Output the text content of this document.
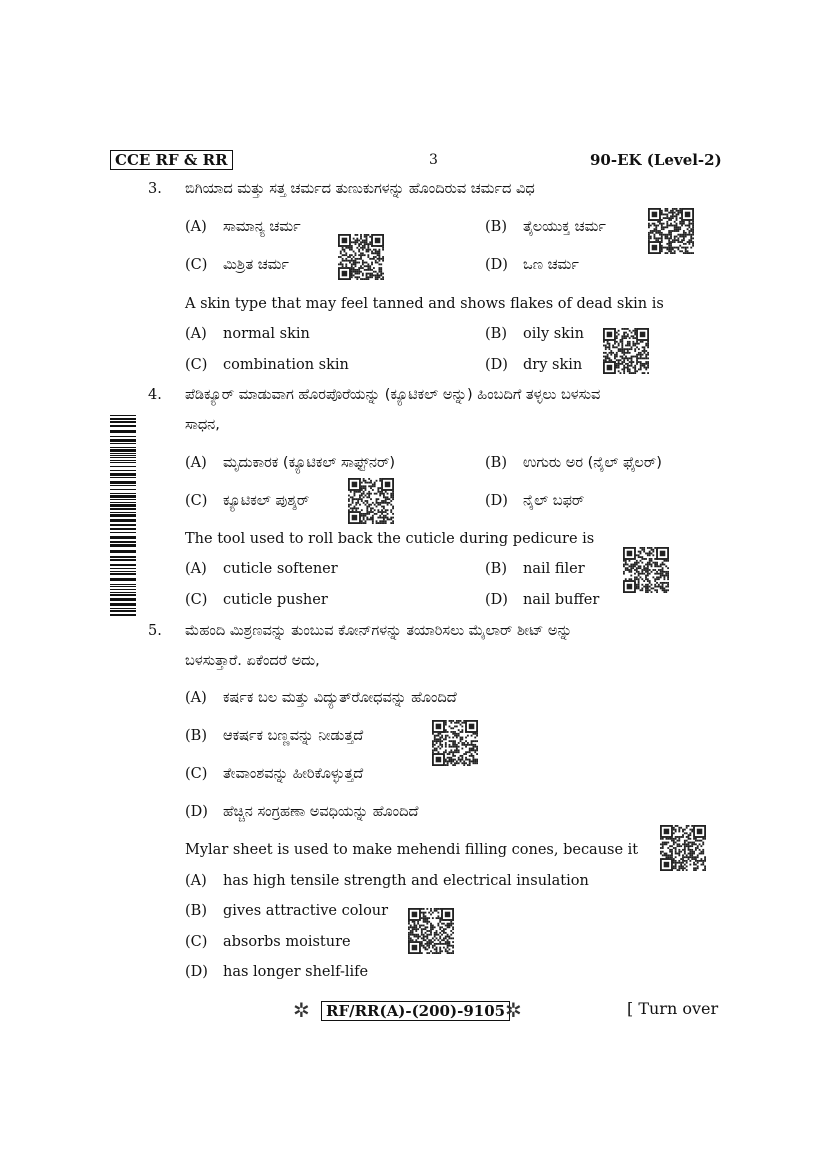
CCE RF & RR	3	90-EK (Level-2)
3. ಬಿಗಿಯಾದ ಮತ್ತು ಸತ್ತ ಚರ್ಮದ ತುಣುಕುಗಳನ್ನು ಹೊಂದಿರುವ ಚರ್ಮದ ವಿಧ
(A) ಸಾಮಾನ್ಯ ಚರ್ಮ	(B) ತೈಲಯುಕ್ತ ಚರ್ಮ
(C) ಮಿಶ್ರಿತ ಚರ್ಮ	(D) ಒಣ ಚರ್ಮ
A skin type that may feel tanned and shows flakes of dead skin is
(A) normal skin	(B) oily skin
(C) combination skin	(D) dry skin
4. ಪೆಡಿಕ್ಯೂರ್ ಮಾಡುವಾಗ ಹೊರಪೊರೆಯನ್ನು (ಕ್ಯೂಟಿಕಲ್ ಅನ್ನು) ಹಿಂಬದಿಗೆ ತಳ್ಳಲು ಬಳಸುವ
ಸಾಧನ,
(A) ಮೃದುಕಾರಕ (ಕ್ಯೂಟಿಕಲ್ ಸಾಫ್ಟ್‌ನರ್)	(B) ಉಗುರು ಅರ (ನೈಲ್ ಫೈಲರ್)
(C) ಕ್ಯೂಟಿಕಲ್ ಪುಶ್ಶರ್	(D) ನೈಲ್ ಬಫರ್
The tool used to roll back the cuticle during pedicure is
(A) cuticle softener	(B) nail filer
(C) cuticle pusher	(D) nail buffer
5. ಮೆಹಂದಿ ಮಿಶ್ರಣವನ್ನು ತುಂಬುವ ಕೋನ್‌ಗಳನ್ನು ತಯಾರಿಸಲು ಮೈಲಾರ್ ಶೀಟ್ ಅನ್ನು
ಬಳಸುತ್ತಾರೆ. ಏಕೆಂದರೆ ಅದು,
(A) ಕರ್ಷಕ ಬಲ ಮತ್ತು ವಿದ್ಯುತ್‌ರೋಧವನ್ನು ಹೊಂದಿದೆ
(B) ಆಕರ್ಷಕ ಬಣ್ಣವನ್ನು ನೀಡುತ್ತದೆ
(C) ತೇವಾಂಶವನ್ನು ಹೀರಿಕೊಳ್ಳುತ್ತದೆ
(D) ಹೆಚ್ಚಿನ ಸಂಗ್ರಹಣಾ ಅವಧಿಯನ್ನು ಹೊಂದಿದೆ
Mylar sheet is used to make mehendi filling cones, because it
(A) has high tensile strength and electrical insulation
(B) gives attractive colour
(C) absorbs moisture
(D) has longer shelf-life
✲	RF/RR(A)-(200)-9105 ✲	[ Turn over
